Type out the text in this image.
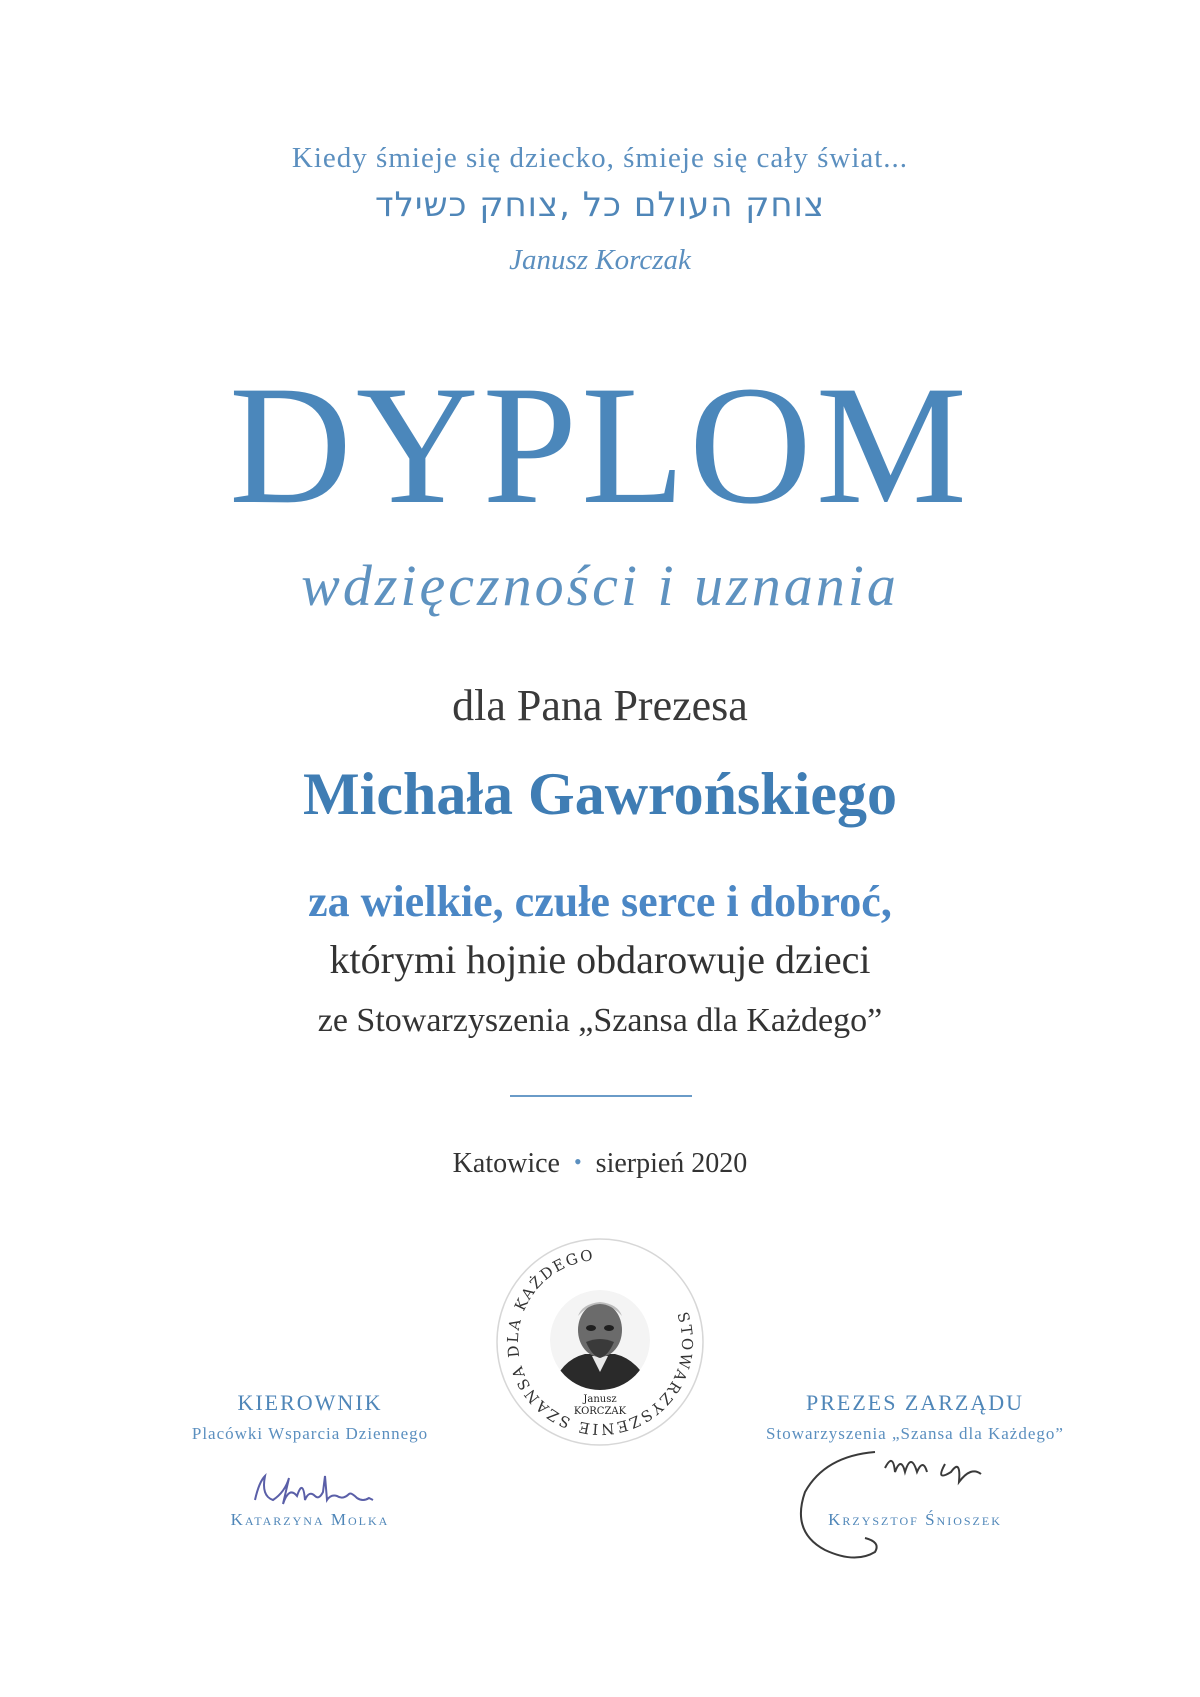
Kiedy śmieje się dziecko, śmieje się cały świat...
צוחק העולם כל ,צוחק כשילד
Janusz Korczak
DYPLOM
wdzięczności i uznania
dla Pana Prezesa
Michała Gawrońskiego
za wielkie, czułe serce i dobroć,
którymi hojnie obdarowuje dzieci
ze Stowarzyszenia „Szansa dla Każdego”
Katowice • sierpień 2020
STOWARZYSZENIE SZANSA DLA KAŻDEGO
Janusz
KORCZAK
KIEROWNIK
Placówki Wsparcia Dziennego
Katarzyna Molka
PREZES ZARZĄDU
Stowarzyszenia „Szansa dla Każdego”
Krzysztof Śnioszek
